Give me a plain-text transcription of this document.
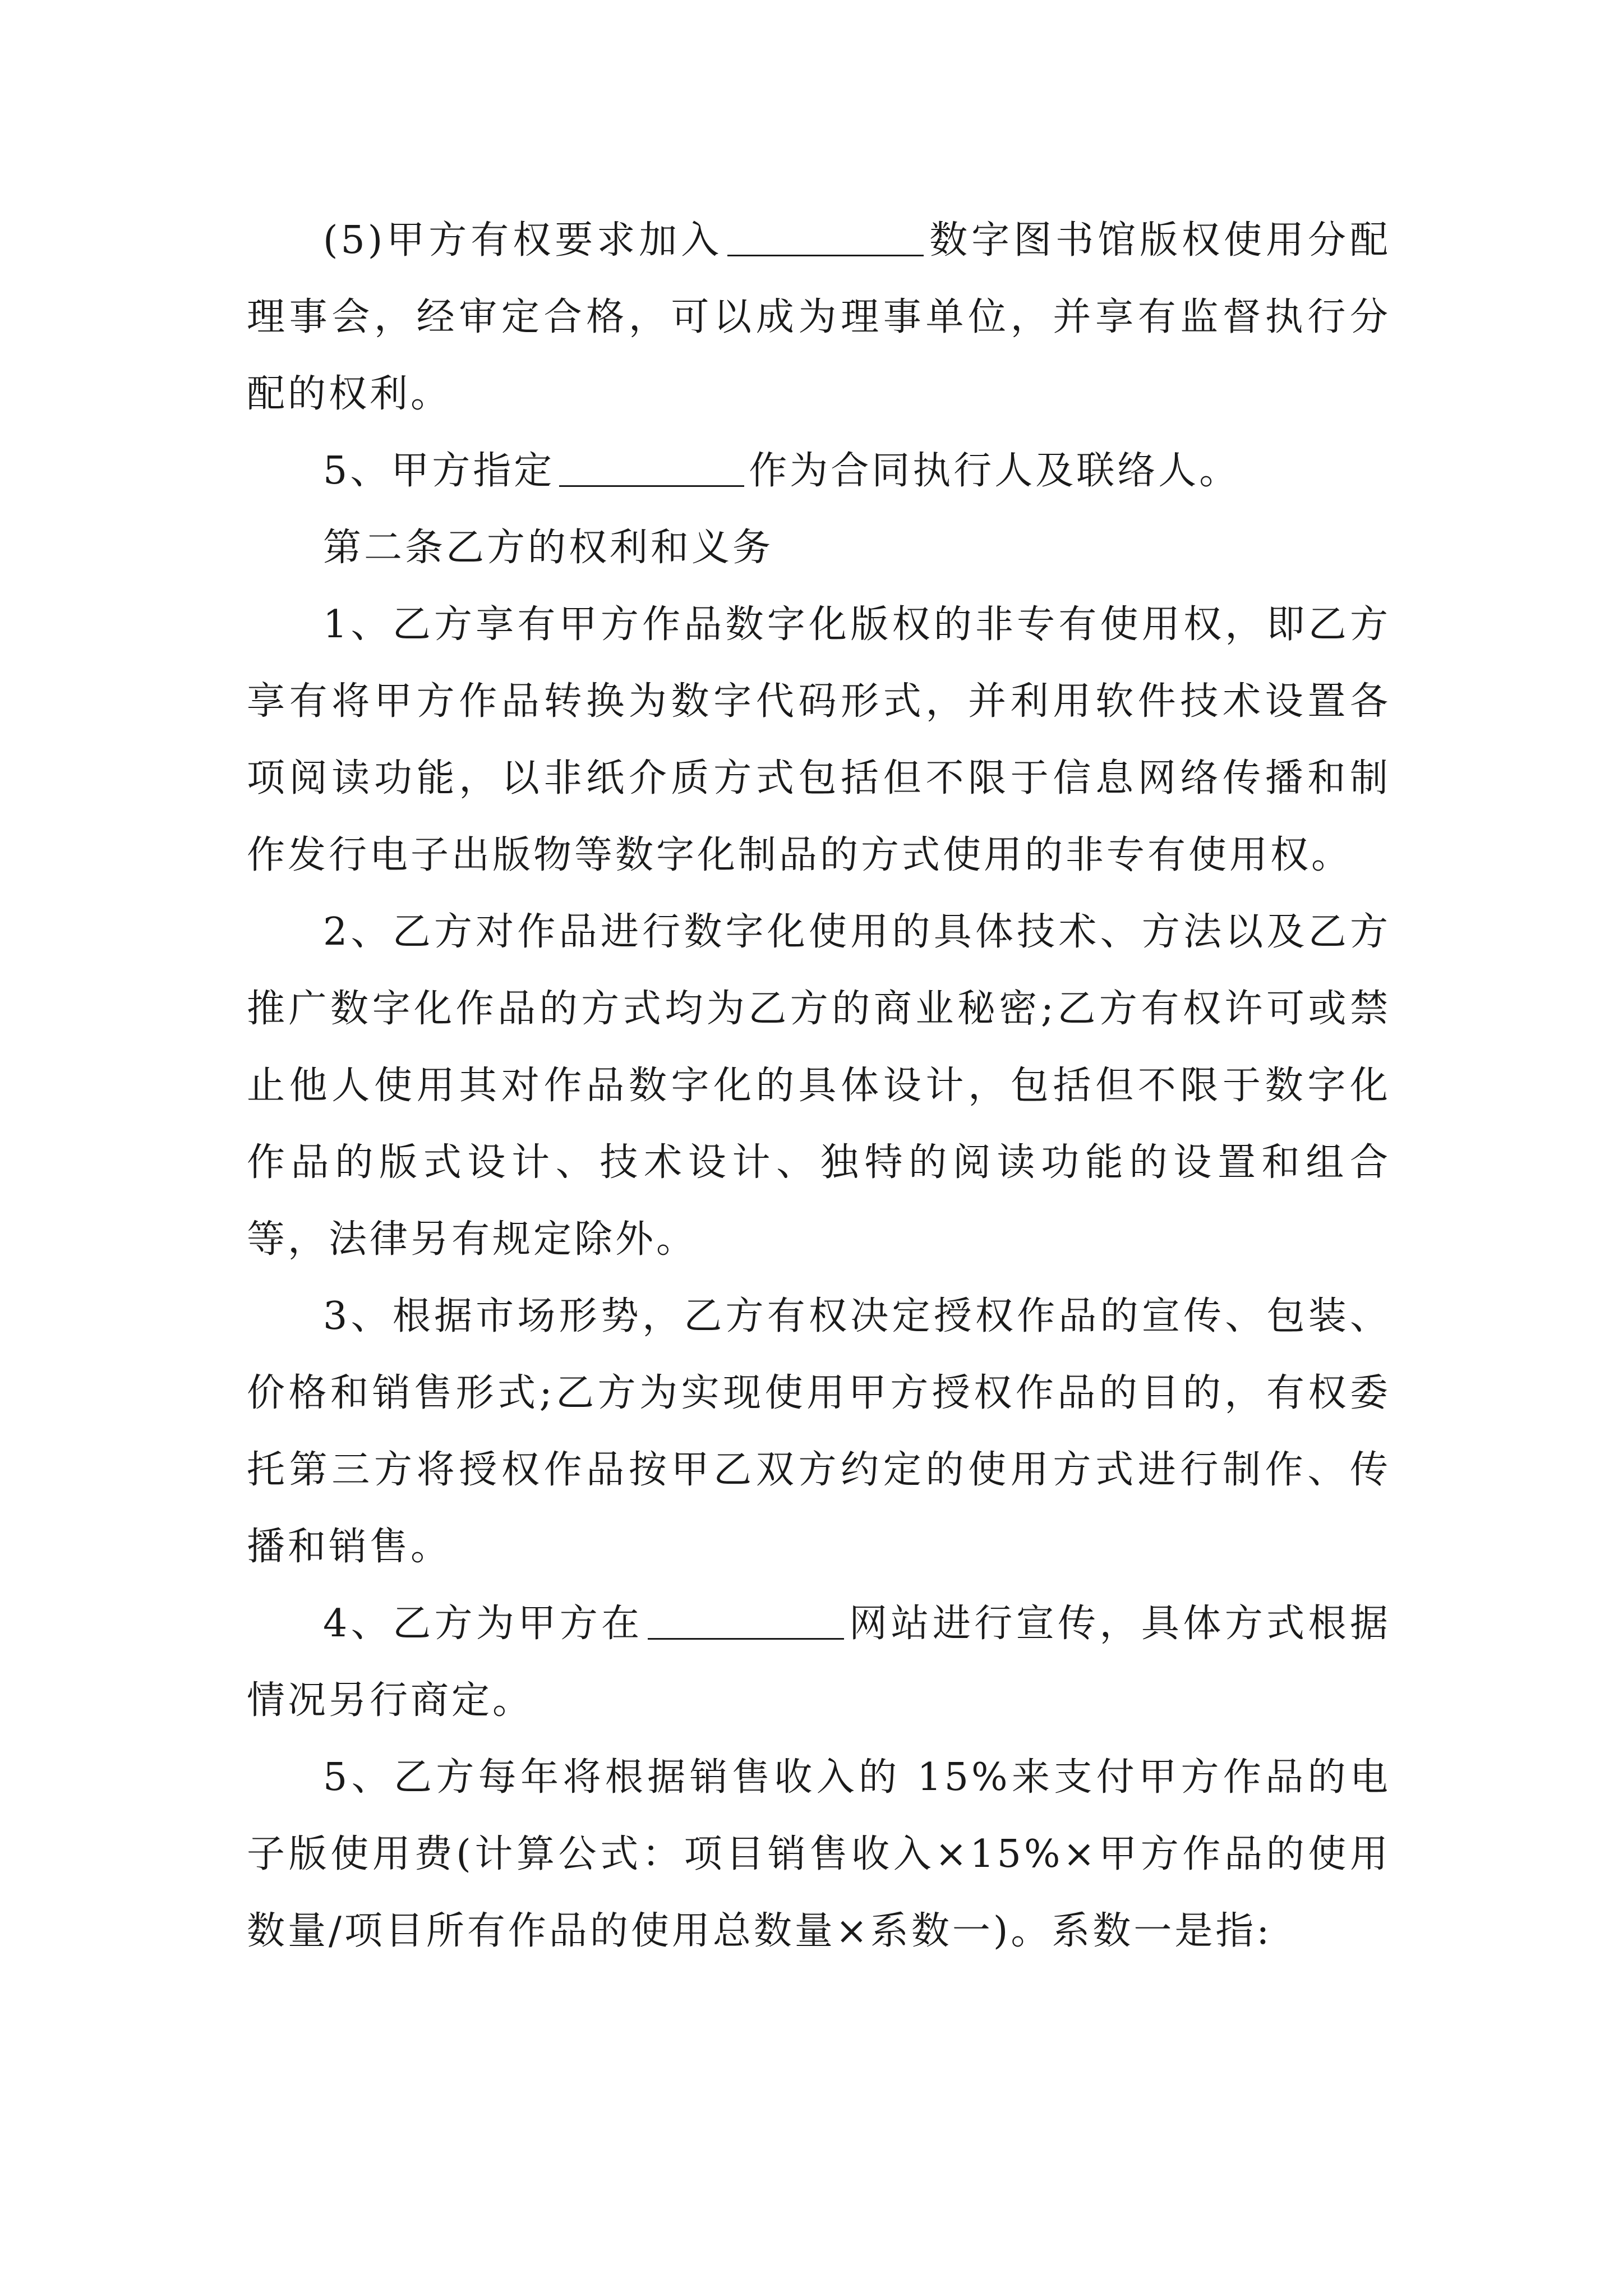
(5)甲方有权要求加入	数字图书馆版权使用分配理事会，经审定合格，可以成为理事单位，并享有监督执行分配的权利。

5、甲方指定	作为合同执行人及联络人。

第二条乙方的权利和义务

1、乙方享有甲方作品数字化版权的非专有使用权，即乙方享有将甲方作品转换为数字代码形式，并利用软件技术设置各项阅读功能，以非纸介质方式包括但不限于信息网络传播和制作发行电子出版物等数字化制品的方式使用的非专有使用权。

2、乙方对作品进行数字化使用的具体技术、方法以及乙方推广数字化作品的方式均为乙方的商业秘密;乙方有权许可或禁止他人使用其对作品数字化的具体设计，包括但不限于数字化作品的版式设计、技术设计、独特的阅读功能的设置和组合等，法律另有规定除外。

3、根据市场形势，乙方有权决定授权作品的宣传、包装、价格和销售形式;乙方为实现使用甲方授权作品的目的，有权委托第三方将授权作品按甲乙双方约定的使用方式进行制作、传播和销售。

4、乙方为甲方在	网站进行宣传，具体方式根据情况另行商定。

5、乙方每年将根据销售收入的 15%来支付甲方作品的电子版使用费(计算公式：项目销售收入×15%×甲方作品的使用数量/项目所有作品的使用总数量×系数一)。系数一是指:
